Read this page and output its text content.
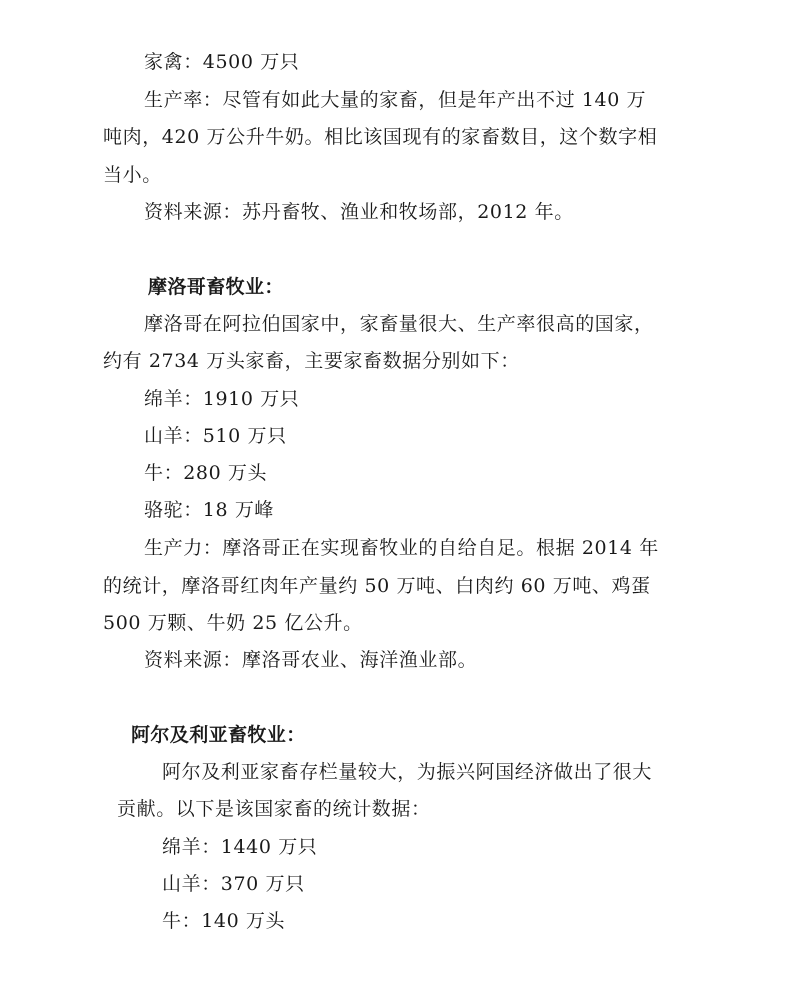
家禽：4500 万只
生产率：尽管有如此大量的家畜，但是年产出不过 140 万
吨肉，420 万公升牛奶。相比该国现有的家畜数目，这个数字相
当小。
资料来源：苏丹畜牧、渔业和牧场部，2012 年。
摩洛哥畜牧业：
摩洛哥在阿拉伯国家中，家畜量很大、生产率很高的国家，
约有 2734 万头家畜，主要家畜数据分别如下：
绵羊：1910 万只
山羊：510 万只
牛：280 万头
骆驼：18 万峰
生产力：摩洛哥正在实现畜牧业的自给自足。根据 2014 年
的统计，摩洛哥红肉年产量约 50 万吨、白肉约 60 万吨、鸡蛋
500 万颗、牛奶 25 亿公升。
资料来源：摩洛哥农业、海洋渔业部。
阿尔及利亚畜牧业：
阿尔及利亚家畜存栏量较大，为振兴阿国经济做出了很大
贡献。以下是该国家畜的统计数据：
绵羊：1440 万只
山羊：370 万只
牛：140 万头
